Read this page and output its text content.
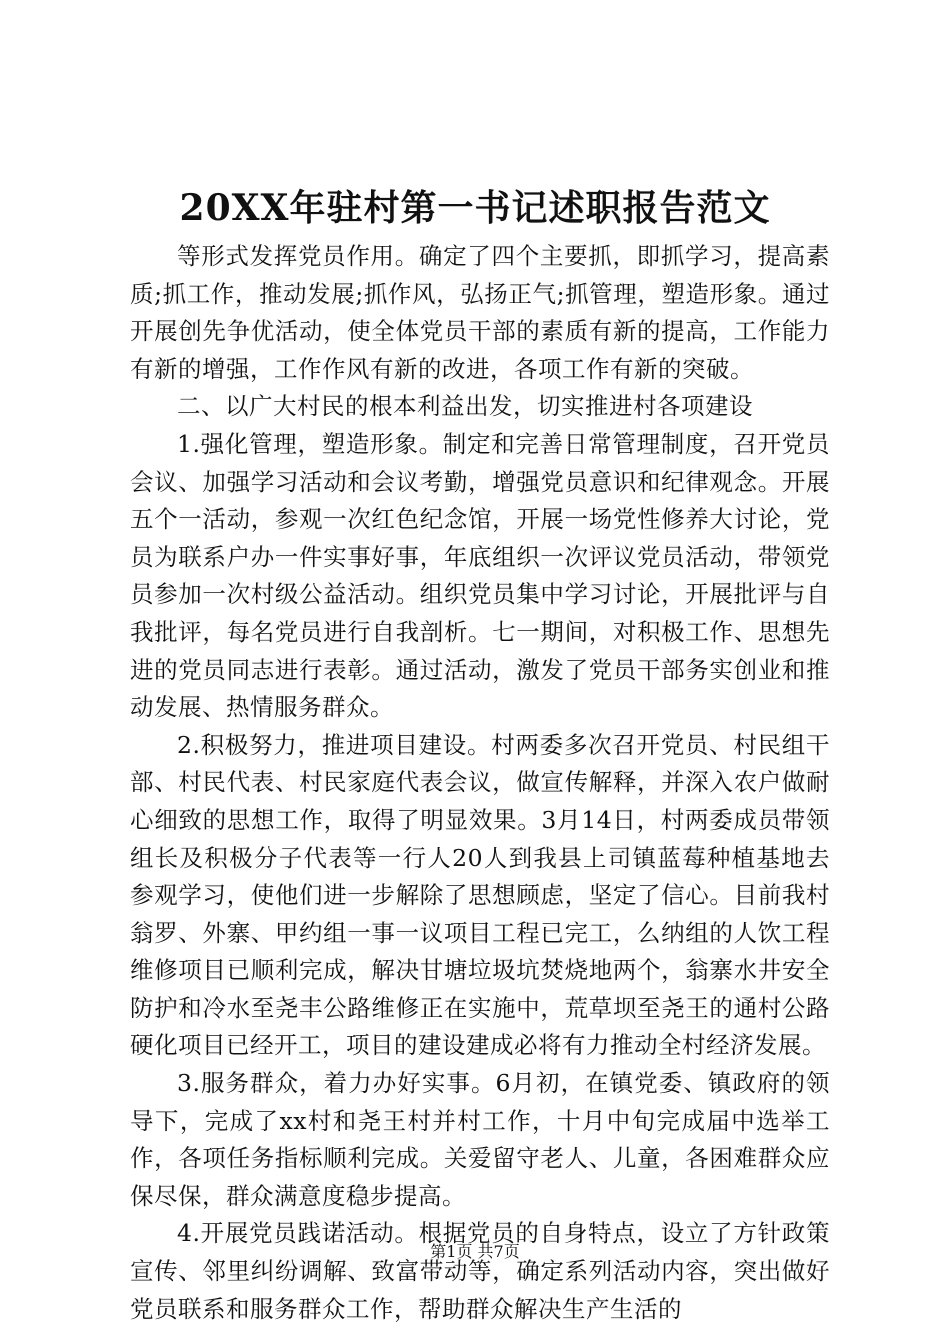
20XX年驻村第一书记述职报告范文

等形式发挥党员作用。确定了四个主要抓，即抓学习，提高素质;抓工作，推动发展;抓作风，弘扬正气;抓管理，塑造形象。通过开展创先争优活动，使全体党员干部的素质有新的提高，工作能力有新的增强，工作作风有新的改进，各项工作有新的突破。

二、以广大村民的根本利益出发，切实推进村各项建设

1.强化管理，塑造形象。制定和完善日常管理制度，召开党员会议、加强学习活动和会议考勤，增强党员意识和纪律观念。开展五个一活动，参观一次红色纪念馆，开展一场党性修养大讨论，党员为联系户办一件实事好事，年底组织一次评议党员活动，带领党员参加一次村级公益活动。组织党员集中学习讨论，开展批评与自我批评，每名党员进行自我剖析。七一期间，对积极工作、思想先进的党员同志进行表彰。通过活动，激发了党员干部务实创业和推动发展、热情服务群众。

2.积极努力，推进项目建设。村两委多次召开党员、村民组干部、村民代表、村民家庭代表会议，做宣传解释，并深入农户做耐心细致的思想工作，取得了明显效果。3月14日，村两委成员带领组长及积极分子代表等一行人20人到我县上司镇蓝莓种植基地去参观学习，使他们进一步解除了思想顾虑，坚定了信心。目前我村翁罗、外寨、甲约组一事一议项目工程已完工，么纳组的人饮工程维修项目已顺利完成，解决甘塘垃圾坑焚烧地两个，翁寨水井安全防护和冷水至尧丰公路维修正在实施中，荒草坝至尧王的通村公路硬化项目已经开工，项目的建设建成必将有力推动全村经济发展。

3.服务群众，着力办好实事。6月初，在镇党委、镇政府的领导下，完成了xx村和尧王村并村工作，十月中旬完成届中选举工作，各项任务指标顺利完成。关爱留守老人、儿童，各困难群众应保尽保，群众满意度稳步提高。

4.开展党员践诺活动。根据党员的自身特点，设立了方针政策宣传、邻里纠纷调解、致富带动等，确定系列活动内容，突出做好党员联系和服务群众工作，帮助群众解决生产生活的

第1页 共7页
